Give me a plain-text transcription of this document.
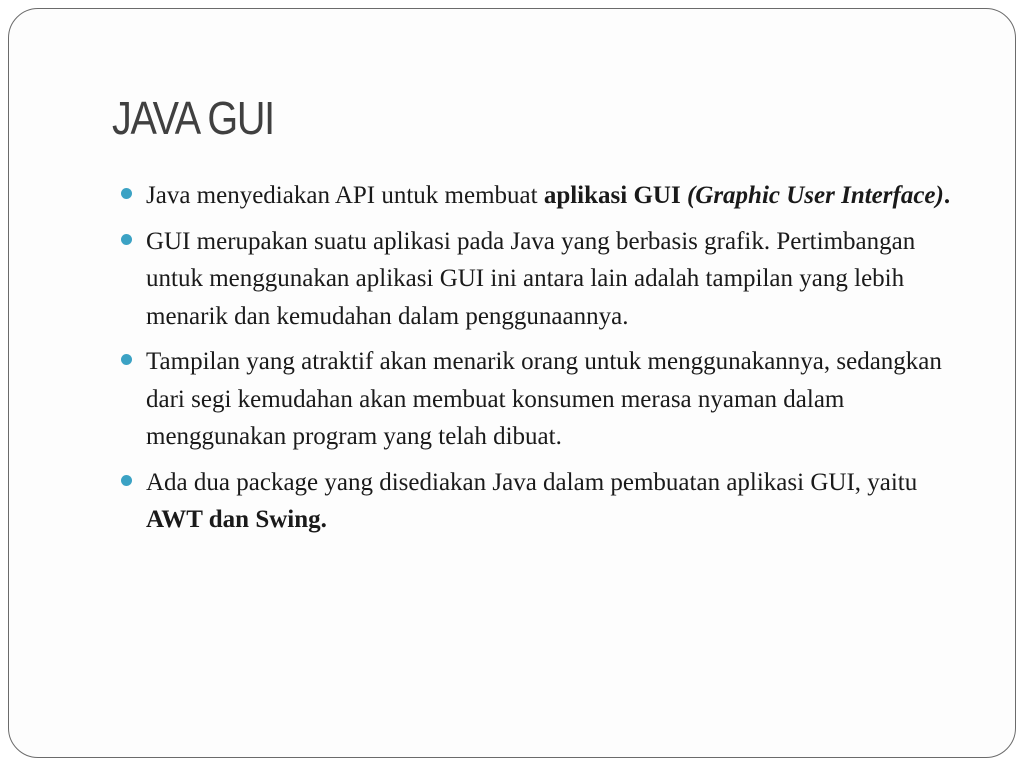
JAVA GUI
Java menyediakan API untuk membuat aplikasi GUI (Graphic User Interface).
GUI merupakan suatu aplikasi pada Java yang berbasis grafik. Pertimbangan untuk menggunakan aplikasi GUI ini antara lain adalah tampilan yang lebih menarik dan kemudahan dalam penggunaannya.
Tampilan yang atraktif akan menarik orang untuk menggunakannya, sedangkan dari segi kemudahan akan membuat konsumen merasa nyaman dalam menggunakan program yang telah dibuat.
Ada dua package yang disediakan Java dalam pembuatan aplikasi GUI, yaitu AWT dan Swing.
